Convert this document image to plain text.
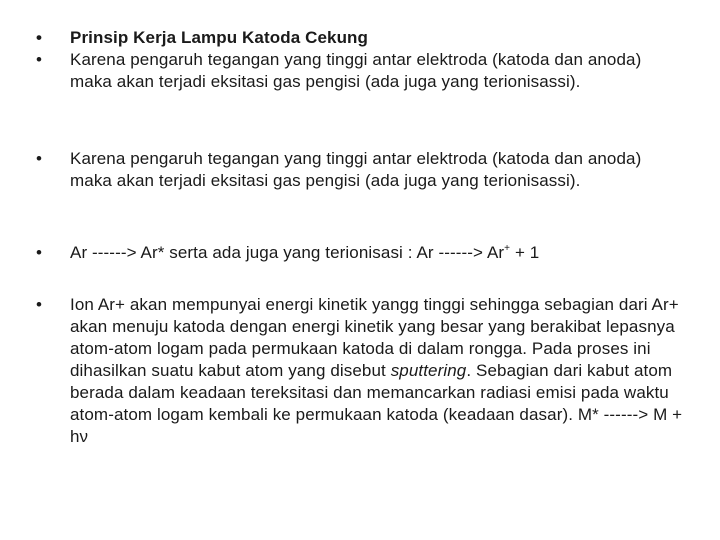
•	Prinsip Kerja Lampu Katoda Cekung
•	Karena pengaruh tegangan yang tinggi antar elektroda (katoda dan anoda) maka akan terjadi eksitasi gas pengisi (ada juga yang terionisassi).
•	Karena pengaruh tegangan yang tinggi antar elektroda (katoda dan anoda) maka akan terjadi eksitasi gas pengisi (ada juga yang terionisassi).
•	Ar ------> Ar* serta ada juga yang terionisasi : Ar ------> Ar+ + 1
•	Ion Ar+ akan mempunyai energi kinetik yangg tinggi sehingga sebagian dari Ar+ akan menuju katoda dengan energi kinetik yang besar yang berakibat lepasnya atom-atom logam pada permukaan katoda di dalam rongga. Pada proses ini dihasilkan suatu kabut atom yang disebut sputtering. Sebagian dari kabut atom berada dalam keadaan tereksitasi dan memancarkan radiasi emisi pada waktu atom-atom logam kembali ke permukaan katoda (keadaan dasar). M* ------> M + hν
